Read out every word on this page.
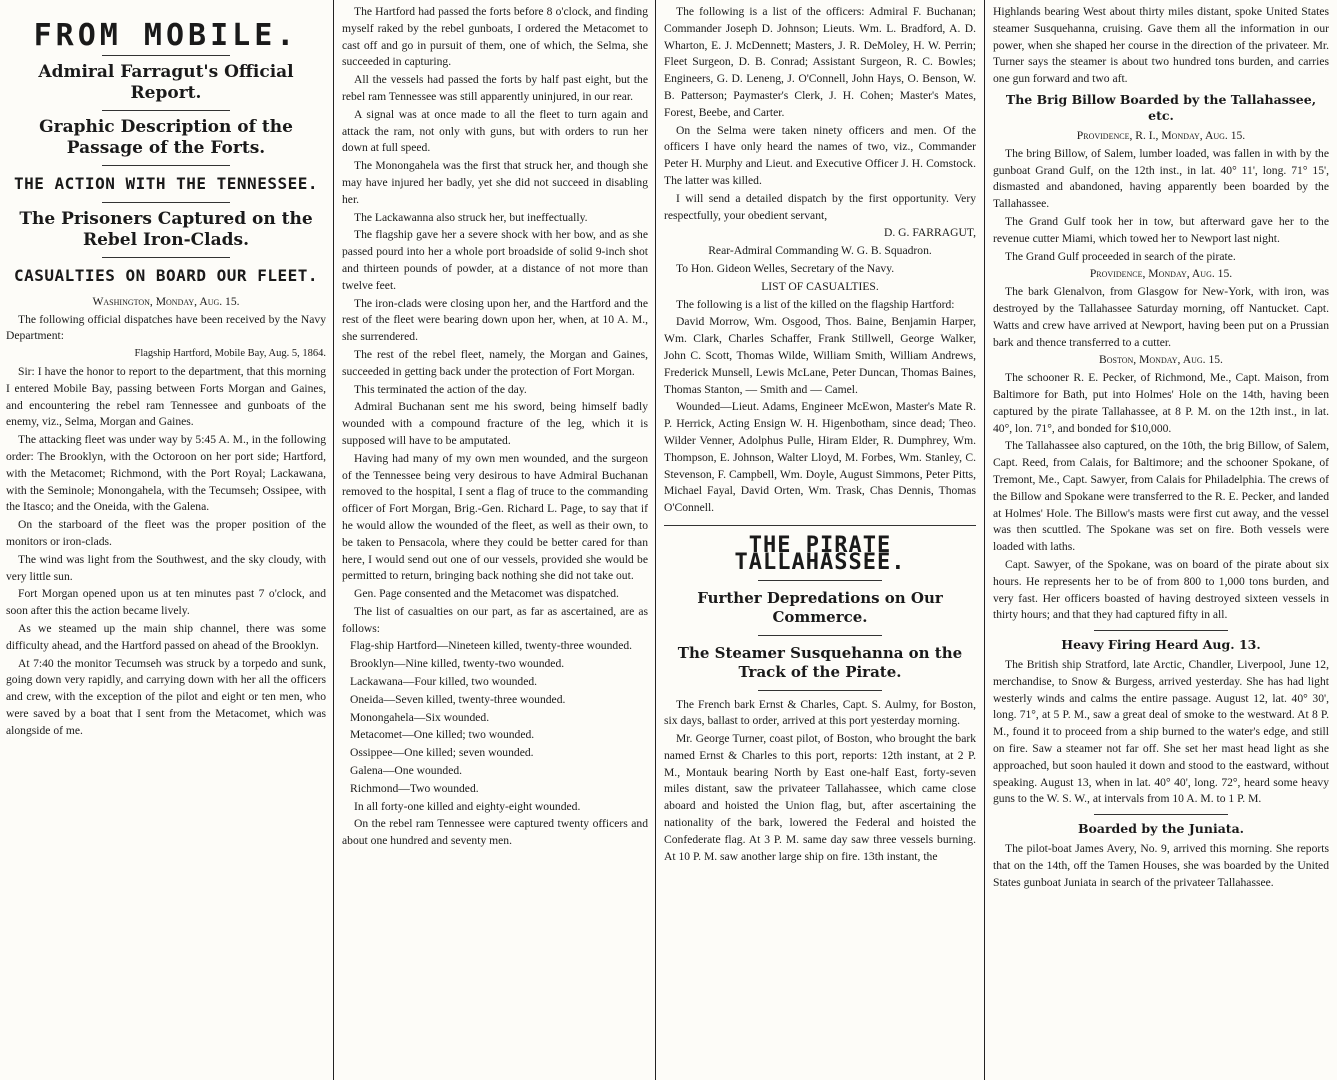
FROM MOBILE.
Admiral Farragut's Official Report.
Graphic Description of the Passage of the Forts.
THE ACTION WITH THE TENNESSEE.
The Prisoners Captured on the Rebel Iron-Clads.
CASUALTIES ON BOARD OUR FLEET.

Washington, Monday, Aug. 15.

The following official dispatches have been received by the Navy Department:

Flagship Hartford, Mobile Bay, Aug. 5, 1864.

Sir: I have the honor to report to the department, that this morning I entered Mobile Bay, passing between Forts Morgan and Gaines, and encountering the rebel ram Tennessee and gunboats of the enemy, viz., Selma, Morgan and Gaines.

The attacking fleet was under way by 5:45 A. M., in the following order: The Brooklyn, with the Octoroon on her port side; Hartford, with the Metacomet; Richmond, with the Port Royal; Lackawana, with the Seminole; Monongahela, with the Tecumseh; Ossipee, with the Itasco; and the Oneida, with the Galena.

On the starboard of the fleet was the proper position of the monitors or iron-clads.

The wind was light from the Southwest, and the sky cloudy, with very little sun.

Fort Morgan opened upon us at ten minutes past 7 o'clock, and soon after this the action became lively.

As we steamed up the main ship channel, there was some difficulty ahead, and the Hartford passed on ahead of the Brooklyn.

At 7:40 the monitor Tecumseh was struck by a torpedo and sunk, going down very rapidly, and carrying down with her all the officers and crew, with the exception of the pilot and eight or ten men, who were saved by a boat that I sent from the Metacomet, which was alongside of me.

The Hartford had passed the forts before 8 o'clock, and finding myself raked by the rebel gunboats, I ordered the Metacomet to cast off and go in pursuit of them, one of which, the Selma, she succeeded in capturing.

All the vessels had passed the forts by half past eight, but the rebel ram Tennessee was still apparently uninjured, in our rear.

A signal was at once made to all the fleet to turn again and attack the ram, not only with guns, but with orders to run her down at full speed.

The Monongahela was the first that struck her, and though she may have injured her badly, yet she did not succeed in disabling her.

The Lackawanna also struck her, but ineffectually.

The flagship gave her a severe shock with her bow, and as she passed pourd into her a whole port broadside of solid 9-inch shot and thirteen pounds of powder, at a distance of not more than twelve feet.

The iron-clads were closing upon her, and the Hartford and the rest of the fleet were bearing down upon her, when, at 10 A. M., she surrendered.

The rest of the rebel fleet, namely, the Morgan and Gaines, succeeded in getting back under the protection of Fort Morgan.

This terminated the action of the day.

Admiral Buchanan sent me his sword, being himself badly wounded with a compound fracture of the leg, which it is supposed will have to be amputated.

Having had many of my own men wounded, and the surgeon of the Tennessee being very desirous to have Admiral Buchanan removed to the hospital, I sent a flag of truce to the commanding officer of Fort Morgan, Brig.-Gen. Richard L. Page, to say that if he would allow the wounded of the fleet, as well as their own, to be taken to Pensacola, where they could be better cared for than here, I would send out one of our vessels, provided she would be permitted to return, bringing back nothing she did not take out.

Gen. Page consented and the Metacomet was dispatched.

The list of casualties on our part, as far as ascertained, are as follows:

Flag-ship Hartford—Nineteen killed, twenty-three wounded.

Brooklyn—Nine killed, twenty-two wounded.

Lackawana—Four killed, two wounded.

Oneida—Seven killed, twenty-three wounded.

Monongahela—Six wounded.

Metacomet—One killed; two wounded.

Ossippee—One killed; seven wounded.

Galena—One wounded.

Richmond—Two wounded.

In all forty-one killed and eighty-eight wounded.

On the rebel ram Tennessee were captured twenty officers and about one hundred and seventy men.

The following is a list of the officers: Admiral F. Buchanan; Commander Joseph D. Johnson; Lieuts. Wm. L. Bradford, A. D. Wharton, E. J. McDennett; Masters, J. R. DeMoley, H. W. Perrin; Fleet Surgeon, D. B. Conrad; Assistant Surgeon, R. C. Bowles; Engineers, G. D. Leneng, J. O'Connell, John Hays, O. Benson, W. B. Patterson; Paymaster's Clerk, J. H. Cohen; Master's Mates, Forest, Beebe, and Carter.

On the Selma were taken ninety officers and men. Of the officers I have only heard the names of two, viz., Commander Peter H. Murphy and Lieut. and Executive Officer J. H. Comstock. The latter was killed.

I will send a detailed dispatch by the first opportunity. Very respectfully, your obedient servant,

D. G. FARRAGUT,

Rear-Admiral Commanding W. G. B. Squadron.

To Hon. Gideon Welles, Secretary of the Navy.

LIST OF CASUALTIES.

The following is a list of the killed on the flagship Hartford:

David Morrow, Wm. Osgood, Thos. Baine, Benjamin Harper, Wm. Clark, Charles Schaffer, Frank Stillwell, George Walker, John C. Scott, Thomas Wilde, William Smith, William Andrews, Frederick Munsell, Lewis McLane, Peter Duncan, Thomas Baines, Thomas Stanton, — Smith and — Camel.

Wounded—Lieut. Adams, Engineer McEwon, Master's Mate R. P. Herrick, Acting Ensign W. H. Higenbotham, since dead; Theo. Wilder Venner, Adolphus Pulle, Hiram Elder, R. Dumphrey, Wm. Thompson, E. Johnson, Walter Lloyd, M. Forbes, Wm. Stanley, C. Stevenson, F. Campbell, Wm. Doyle, August Simmons, Peter Pitts, Michael Fayal, David Orten, Wm. Trask, Chas Dennis, Thomas O'Connell.

THE PIRATE TALLAHASSEE.
Further Depredations on Our Commerce.
The Steamer Susquehanna on the Track of the Pirate.

The French bark Ernst & Charles, Capt. S. Aulmy, for Boston, six days, ballast to order, arrived at this port yesterday morning.

Mr. George Turner, coast pilot, of Boston, who brought the bark named Ernst & Charles to this port, reports: 12th instant, at 2 P. M., Montauk bearing North by East one-half East, forty-seven miles distant, saw the privateer Tallahassee, which came close aboard and hoisted the Union flag, but, after ascertaining the nationality of the bark, lowered the Federal and hoisted the Confederate flag. At 3 P. M. same day saw three vessels burning. At 10 P. M. saw another large ship on fire. 13th instant, the

Highlands bearing West about thirty miles distant, spoke United States steamer Susquehanna, cruising. Gave them all the information in our power, when she shaped her course in the direction of the privateer. Mr. Turner says the steamer is about two hundred tons burden, and carries one gun forward and two aft.

The Brig Billow Boarded by the Tallahassee, etc.

Providence, R. I., Monday, Aug. 15.

The bring Billow, of Salem, lumber loaded, was fallen in with by the gunboat Grand Gulf, on the 12th inst., in lat. 40° 11', long. 71° 15', dismasted and abandoned, having apparently been boarded by the Tallahassee.

The Grand Gulf took her in tow, but afterward gave her to the revenue cutter Miami, which towed her to Newport last night.

The Grand Gulf proceeded in search of the pirate.

Providence, Monday, Aug. 15.

The bark Glenalvon, from Glasgow for New-York, with iron, was destroyed by the Tallahassee Saturday morning, off Nantucket. Capt. Watts and crew have arrived at Newport, having been put on a Prussian bark and thence transferred to a cutter.

Boston, Monday, Aug. 15.

The schooner R. E. Pecker, of Richmond, Me., Capt. Maison, from Baltimore for Bath, put into Holmes' Hole on the 14th, having been captured by the pirate Tallahassee, at 8 P. M. on the 12th inst., in lat. 40°, lon. 71°, and bonded for $10,000.

The Tallahassee also captured, on the 10th, the brig Billow, of Salem, Capt. Reed, from Calais, for Baltimore; and the schooner Spokane, of Tremont, Me., Capt. Sawyer, from Calais for Philadelphia. The crews of the Billow and Spokane were transferred to the R. E. Pecker, and landed at Holmes' Hole. The Billow's masts were first cut away, and the vessel was then scuttled. The Spokane was set on fire. Both vessels were loaded with laths.

Capt. Sawyer, of the Spokane, was on board of the pirate about six hours. He represents her to be of from 800 to 1,000 tons burden, and very fast. Her officers boasted of having destroyed sixteen vessels in thirty hours; and that they had captured fifty in all.

Heavy Firing Heard Aug. 13.

The British ship Stratford, late Arctic, Chandler, Liverpool, June 12, merchandise, to Snow & Burgess, arrived yesterday. She has had light westerly winds and calms the entire passage. August 12, lat. 40° 30', long. 71°, at 5 P. M., saw a great deal of smoke to the westward. At 8 P. M., found it to proceed from a ship burned to the water's edge, and still on fire. Saw a steamer not far off. She set her mast head light as she approached, but soon hauled it down and stood to the eastward, without speaking. August 13, when in lat. 40° 40', long. 72°, heard some heavy guns to the W. S. W., at intervals from 10 A. M. to 1 P. M.

Boarded by the Juniata.

The pilot-boat James Avery, No. 9, arrived this morning. She reports that on the 14th, off the Tamen Houses, she was boarded by the United States gunboat Juniata in search of the privateer Tallahassee.
